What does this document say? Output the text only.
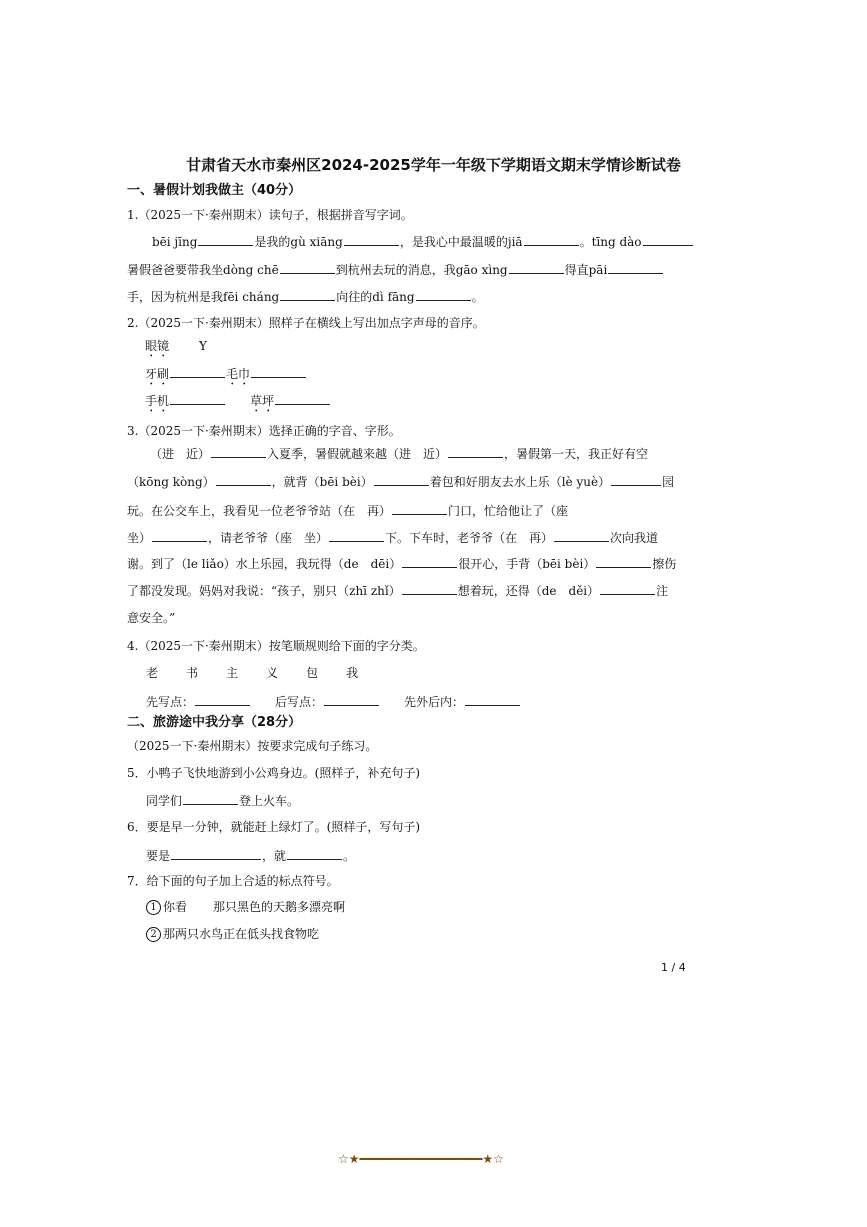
甘肃省天水市秦州区2024-2025学年一年级下学期语文期末学情诊断试卷
一、暑假计划我做主（40分）
1.（2025一下·秦州期末）读句子，根据拼音写字词。
bēi jīng	是我的gù xiāng	，是我心中最温暖的jiā	。tīng dào
暑假爸爸要带我坐dòng chē	到杭州去玩的消息，我gāo xìng	得直pāi
手，因为杭州是我fēi cháng	向往的dì fāng	。
2.（2025一下·秦州期末）照样子在横线上写出加点字声母的音序。
眼镜	Y
牙刷	毛巾
手机	草坪
3.（2025一下·秦州期末）选择正确的字音、字形。
（进　近）	入夏季，暑假就越来越（进　近）	，暑假第一天，我正好有空
（kōng kòng）	，就背（bēi bèi）	着包和好朋友去水上乐（lè yuè）	园
玩。在公交车上，我看见一位老爷爷站（在　再）	门口，忙给他让了（座
坐）	，请老爷爷（座　坐）	下。下车时，老爷爷（在　再）	次向我道
谢。到了（le liǎo）水上乐园，我玩得（de　dēi）	很开心，手背（bēi bèi）	擦伤
了都没发现。妈妈对我说：“孩子，别只（zhī zhǐ）	想着玩，还得（de　děi）	注
意安全。”
4.（2025一下·秦州期末）按笔顺规则给下面的字分类。
老 书 主 义 包 我
先写点：	后写点：	先外后内：
二、旅游途中我分享（28分）
（2025一下·秦州期末）按要求完成句子练习。
5．小鸭子飞快地游到小公鸡身边。(照样子，补充句子)
同学们	登上火车。
6．要是早一分钟，就能赶上绿灯了。(照样子，写句子)
要是	，就	。
7．给下面的句子加上合适的标点符号。
1 你看 那只黑色的天鹅多漂亮啊
2 那两只水鸟正在低头找食物吃
1 / 4
☆★━━━━━━━━━━━━━━━━━★☆
